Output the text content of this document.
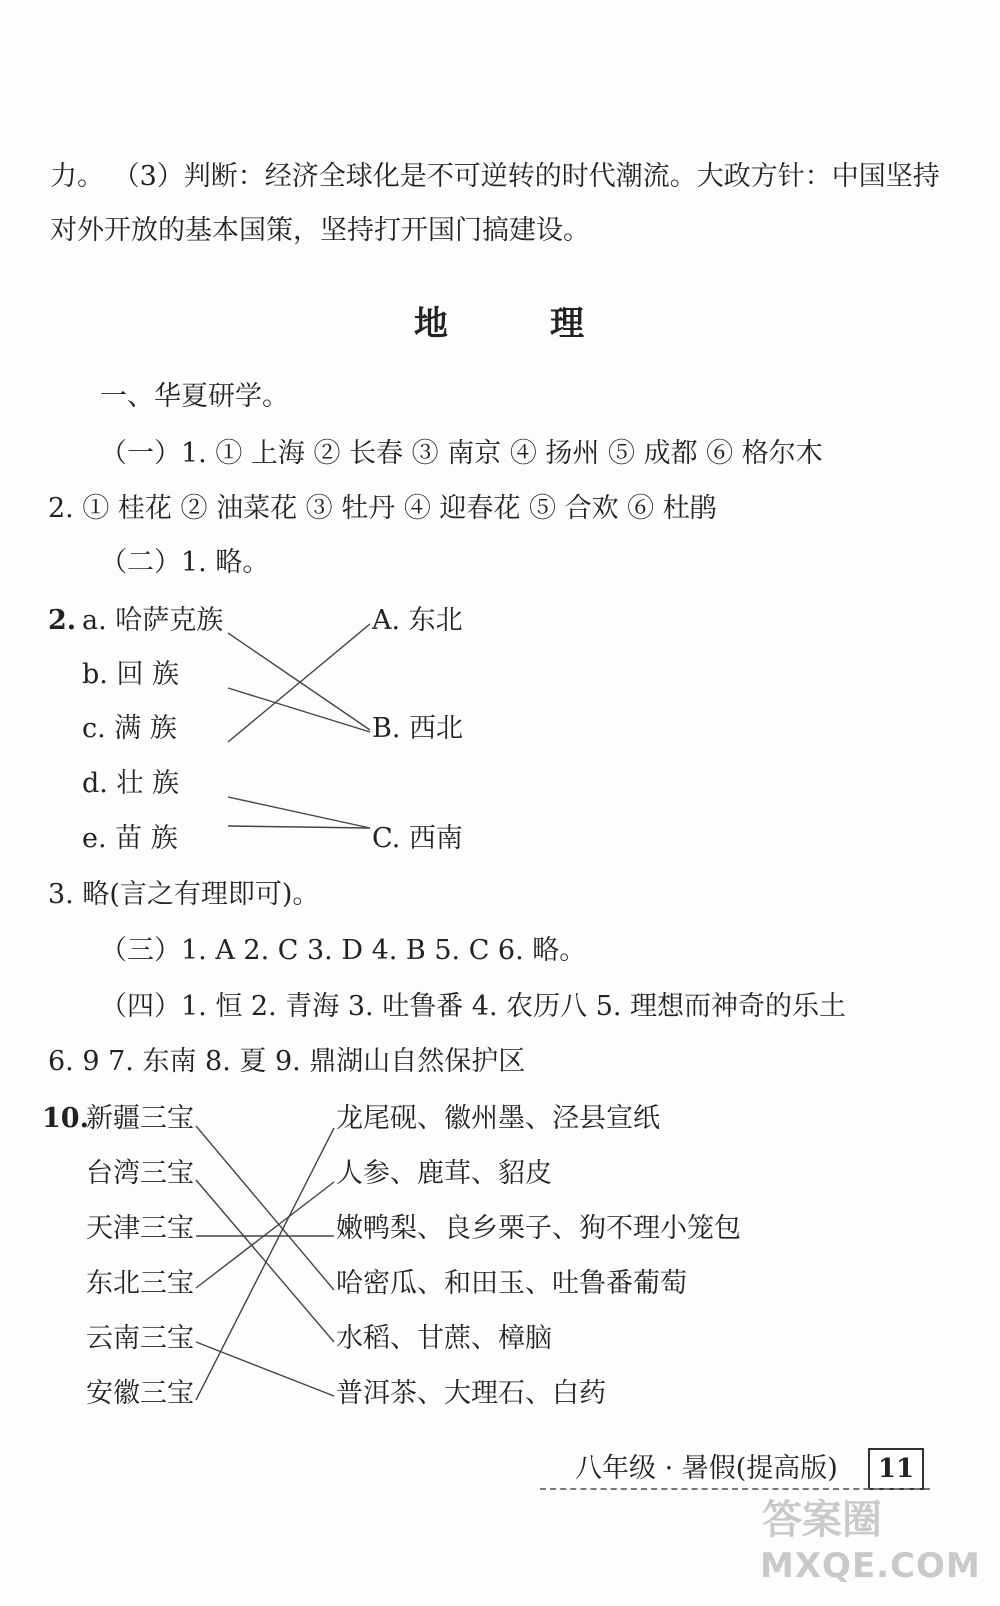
力。 （3）判断：经济全球化是不可逆转的时代潮流。大政方针：中国坚持
对外开放的基本国策，坚持打开国门搞建设。
地	理
一、华夏研学。
（一）1. ① 上海 ② 长春 ③ 南京 ④ 扬州 ⑤ 成都 ⑥ 格尔木
2. ① 桂花 ② 油菜花 ③ 牡丹 ④ 迎春花 ⑤ 合欢 ⑥ 杜鹃
（二）1. 略。
2. a. 哈萨克族
b. 回 族
c. 满 族
d. 壮 族
e. 苗 族
A. 东北
B. 西北
C. 西南
3. 略(言之有理即可)。
（三）1. A 2. C 3. D 4. B 5. C 6. 略。
（四）1. 恒 2. 青海 3. 吐鲁番 4. 农历八 5. 理想而神奇的乐土
6. 9 7. 东南 8. 夏 9. 鼎湖山自然保护区
10.
新疆三宝
台湾三宝
天津三宝
东北三宝
云南三宝
安徽三宝
龙尾砚、徽州墨、泾县宣纸
人参、鹿茸、貂皮
嫩鸭梨、良乡栗子、狗不理小笼包
哈密瓜、和田玉、吐鲁番葡萄
水稻、甘蔗、樟脑
普洱茶、大理石、白药
八年级 · 暑假(提高版)	11
答案圈
MXQE.COM
